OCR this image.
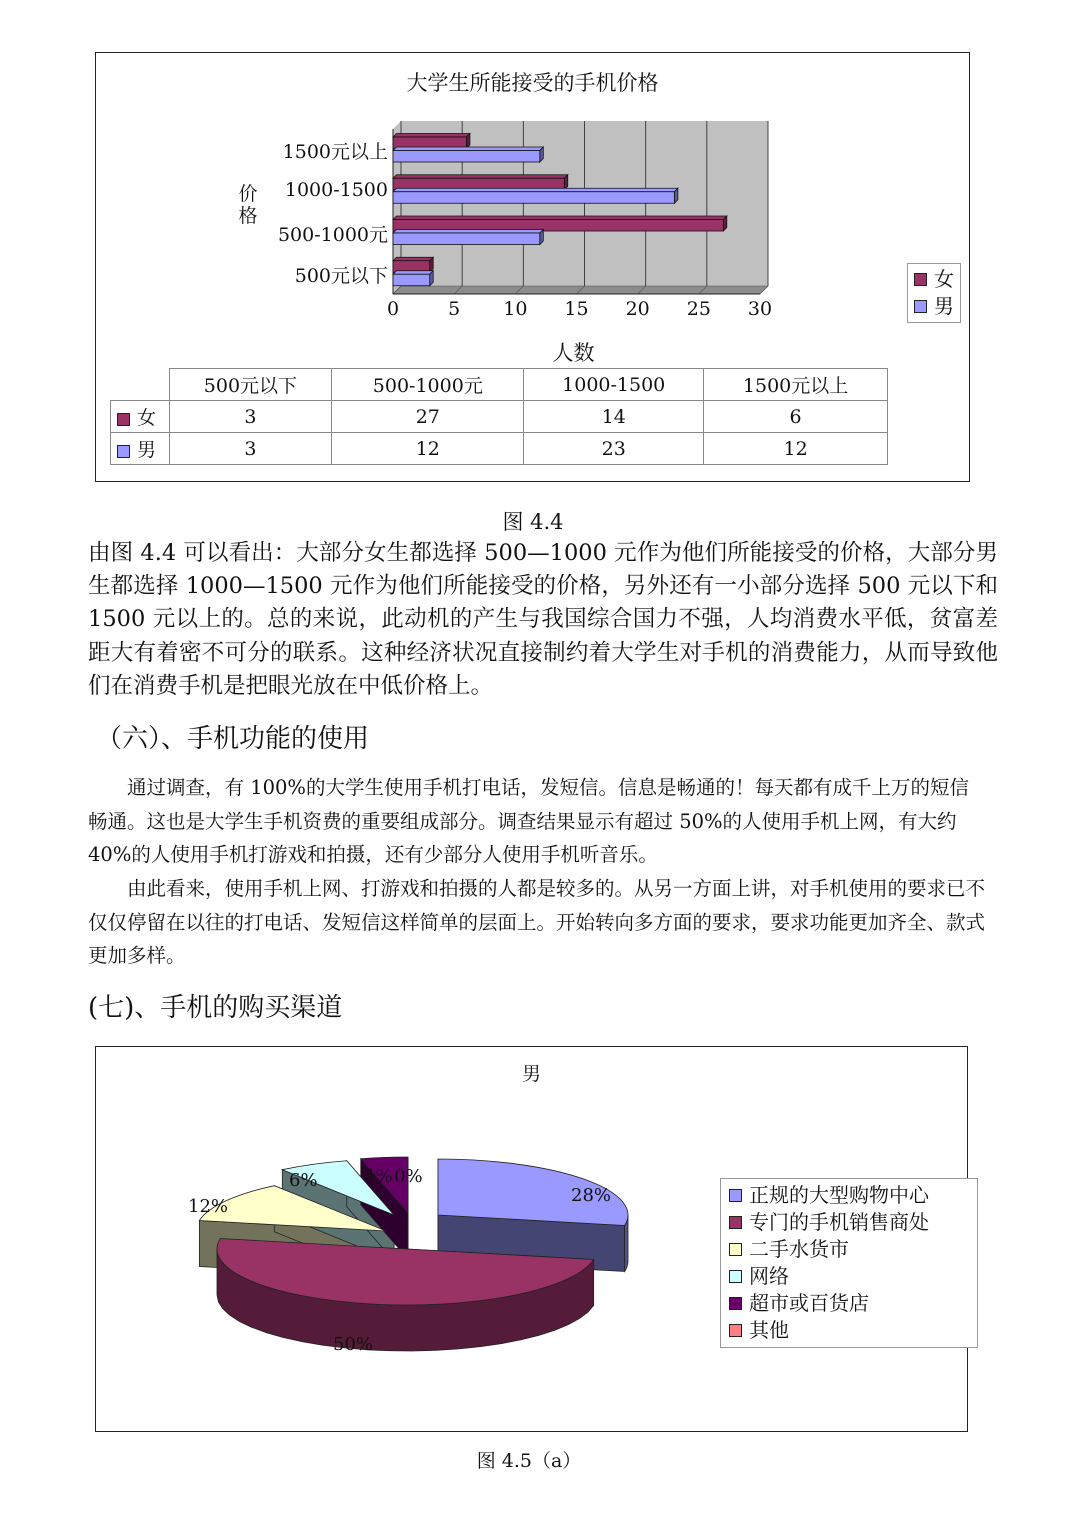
大学生所能接受的手机价格
价格
1500元以上
1000-1500
500-1000元
500元以下
0	5	10	15	20	25	30
人数
女
男
	500元以下	500-1000元	1000-1500	1500元以上
女	3	27	14	6
男	3	12	23	12
图 4.4
由图 4.4 可以看出：大部分女生都选择 500—1000 元作为他们所能接受的价格，大部分男生都选择 1000—1500 元作为他们所能接受的价格，另外还有一小部分选择 500 元以下和 1500 元以上的。总的来说，此动机的产生与我国综合国力不强，人均消费水平低，贫富差距大有着密不可分的联系。这种经济状况直接制约着大学生对手机的消费能力，从而导致他们在消费手机是把眼光放在中低价格上。
（六）、手机功能的使用
通过调查，有 100%的大学生使用手机打电话，发短信。信息是畅通的！每天都有成千上万的短信畅通。这也是大学生手机资费的重要组成部分。调查结果显示有超过 50%的人使用手机上网，有大约 40%的人使用手机打游戏和拍摄，还有少部分人使用手机听音乐。
由此看来，使用手机上网、打游戏和拍摄的人都是较多的。从另一方面上讲，对手机使用的要求已不仅仅停留在以往的打电话、发短信这样简单的层面上。开始转向多方面的要求，要求功能更加齐全、款式更加多样。
(七)、手机的购买渠道
男
28%
50%
12%
6%	4% 0%
正规的大型购物中心
专门的手机销售商处
二手水货市
网络
超市或百货店
其他
图 4.5（a）
